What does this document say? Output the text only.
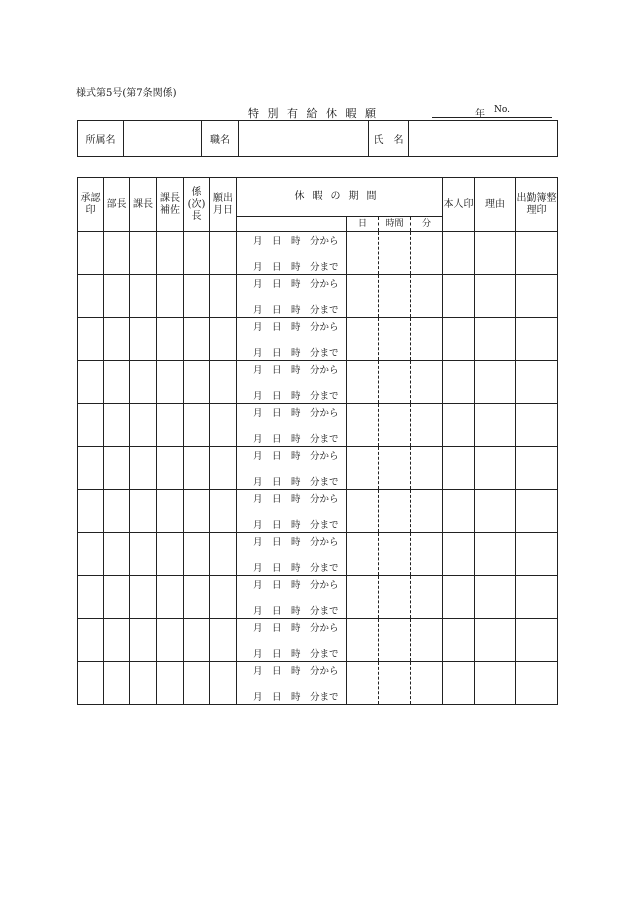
様式第5号(第7条関係)
特別有給休暇願	年 No.
所属名		職名		氏　名	
承認印	部長	課長	課長補佐	係(次)長	願出月日	休暇の期間				本人印	理由	出勤簿整理印
							日	時間	分			

						月　日　時　分から
月　日　時　分まで						

						月　日　時　分から
月　日　時　分まで						

						月　日　時　分から
月　日　時　分まで						

						月　日　時　分から
月　日　時　分まで						

						月　日　時　分から
月　日　時　分まで						

						月　日　時　分から
月　日　時　分まで						

						月　日　時　分から
月　日　時　分まで						

						月　日　時　分から
月　日　時　分まで						

						月　日　時　分から
月　日　時　分まで						

						月　日　時　分から
月　日　時　分まで						

						月　日　時　分から
月　日　時　分まで						
